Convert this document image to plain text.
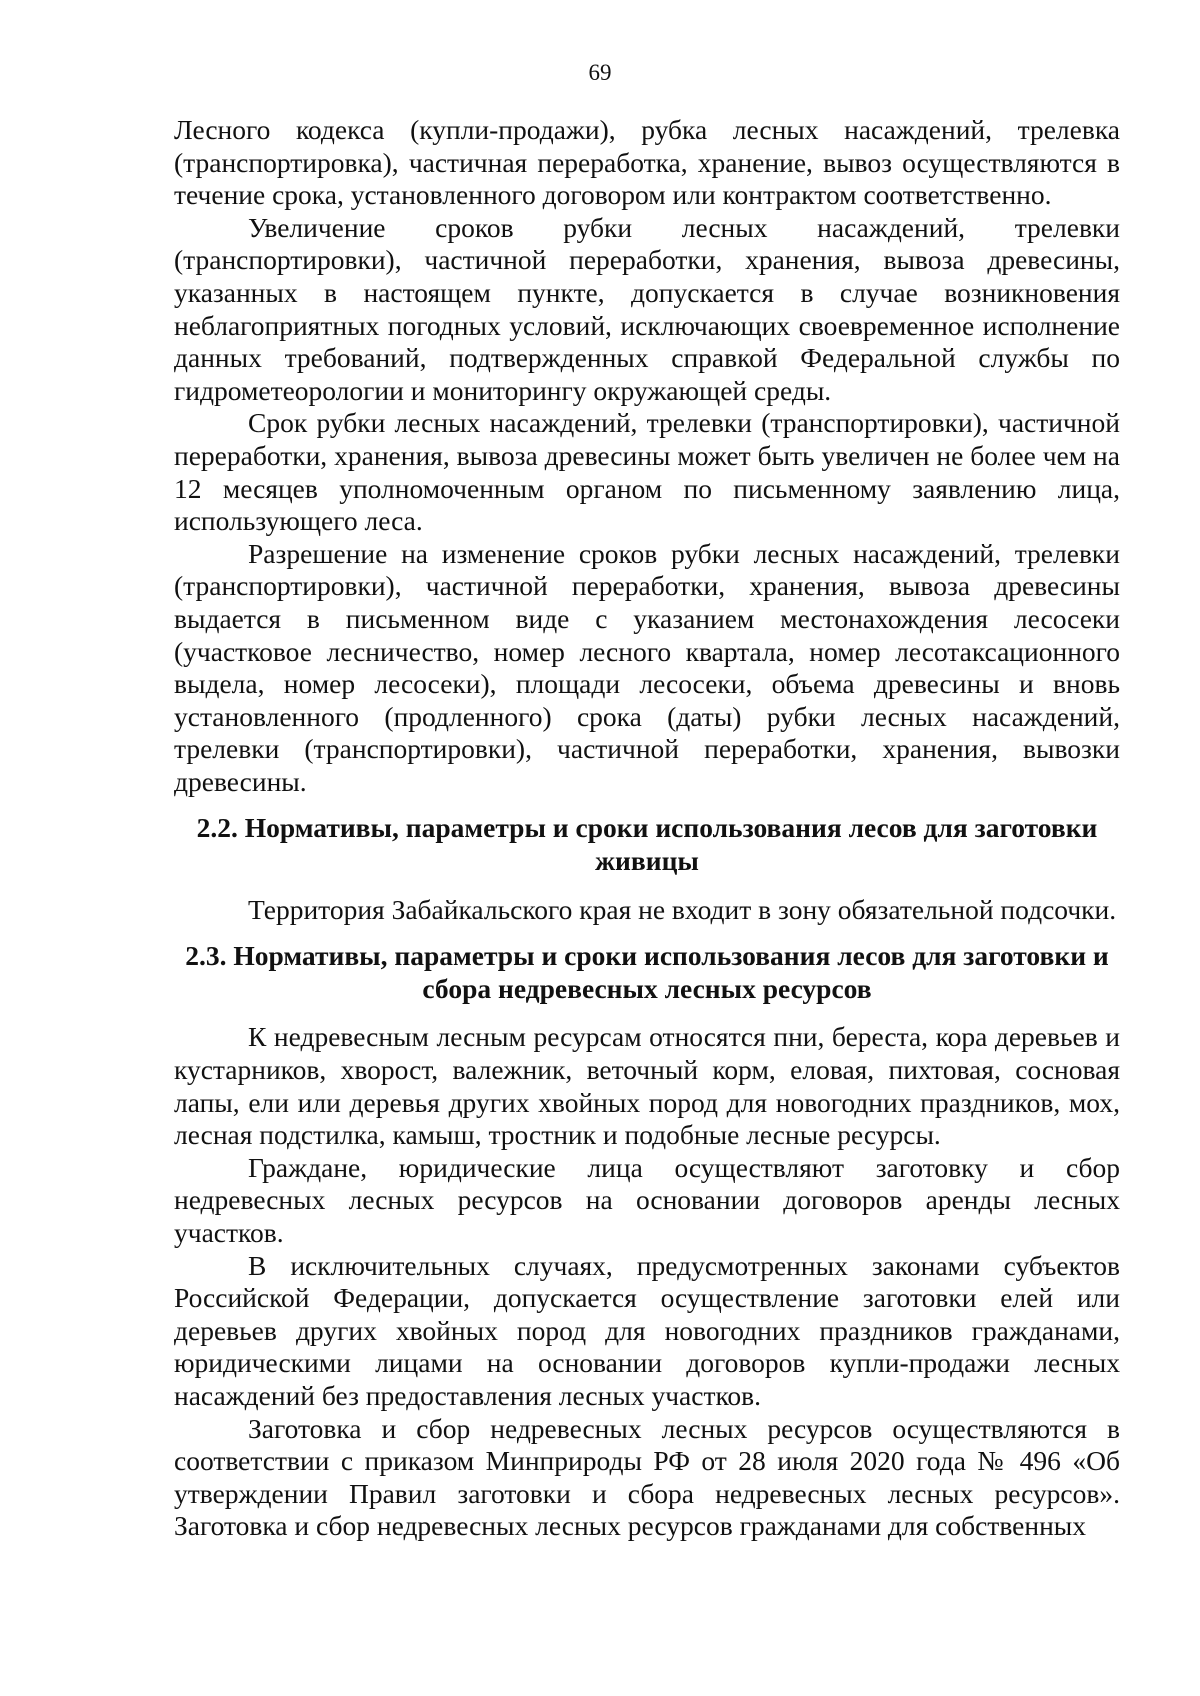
69

Лесного кодекса (купли-продажи), рубка лесных насаждений, трелевка (транспортировка), частичная переработка, хранение, вывоз осуществляются в течение срока, установленного договором или контрактом соответственно.

Увеличение сроков рубки лесных насаждений, трелевки (транспортировки), частичной переработки, хранения, вывоза древесины, указанных в настоящем пункте, допускается в случае возникновения неблагоприятных погодных условий, исключающих своевременное исполнение данных требований, подтвержденных справкой Федеральной службы по гидрометеорологии и мониторингу окружающей среды.

Срок рубки лесных насаждений, трелевки (транспортировки), частичной переработки, хранения, вывоза древесины может быть увеличен не более чем на 12 месяцев уполномоченным органом по письменному заявлению лица, использующего леса.

Разрешение на изменение сроков рубки лесных насаждений, трелевки (транспортировки), частичной переработки, хранения, вывоза древесины выдается в письменном виде с указанием местонахождения лесосеки (участковое лесничество, номер лесного квартала, номер лесотаксационного выдела, номер лесосеки), площади лесосеки, объема древесины и вновь установленного (продленного) срока (даты) рубки лесных насаждений, трелевки (транспортировки), частичной переработки, хранения, вывозки древесины.

2.2. Нормативы, параметры и сроки использования лесов для заготовки живицы

Территория Забайкальского края не входит в зону обязательной подсочки.

2.3. Нормативы, параметры и сроки использования лесов для заготовки и сбора недревесных лесных ресурсов

К недревесным лесным ресурсам относятся пни, береста, кора деревьев и кустарников, хворост, валежник, веточный корм, еловая, пихтовая, сосновая лапы, ели или деревья других хвойных пород для новогодних праздников, мох, лесная подстилка, камыш, тростник и подобные лесные ресурсы.

Граждане, юридические лица осуществляют заготовку и сбор недревесных лесных ресурсов на основании договоров аренды лесных участков.

В исключительных случаях, предусмотренных законами субъектов Российской Федерации, допускается осуществление заготовки елей или деревьев других хвойных пород для новогодних праздников гражданами, юридическими лицами на основании договоров купли-продажи лесных насаждений без предоставления лесных участков.

Заготовка и сбор недревесных лесных ресурсов осуществляются в соответствии с приказом Минприроды РФ от 28 июля 2020 года № 496 «Об утверждении Правил заготовки и сбора недревесных лесных ресурсов». Заготовка и сбор недревесных лесных ресурсов гражданами для собственных
